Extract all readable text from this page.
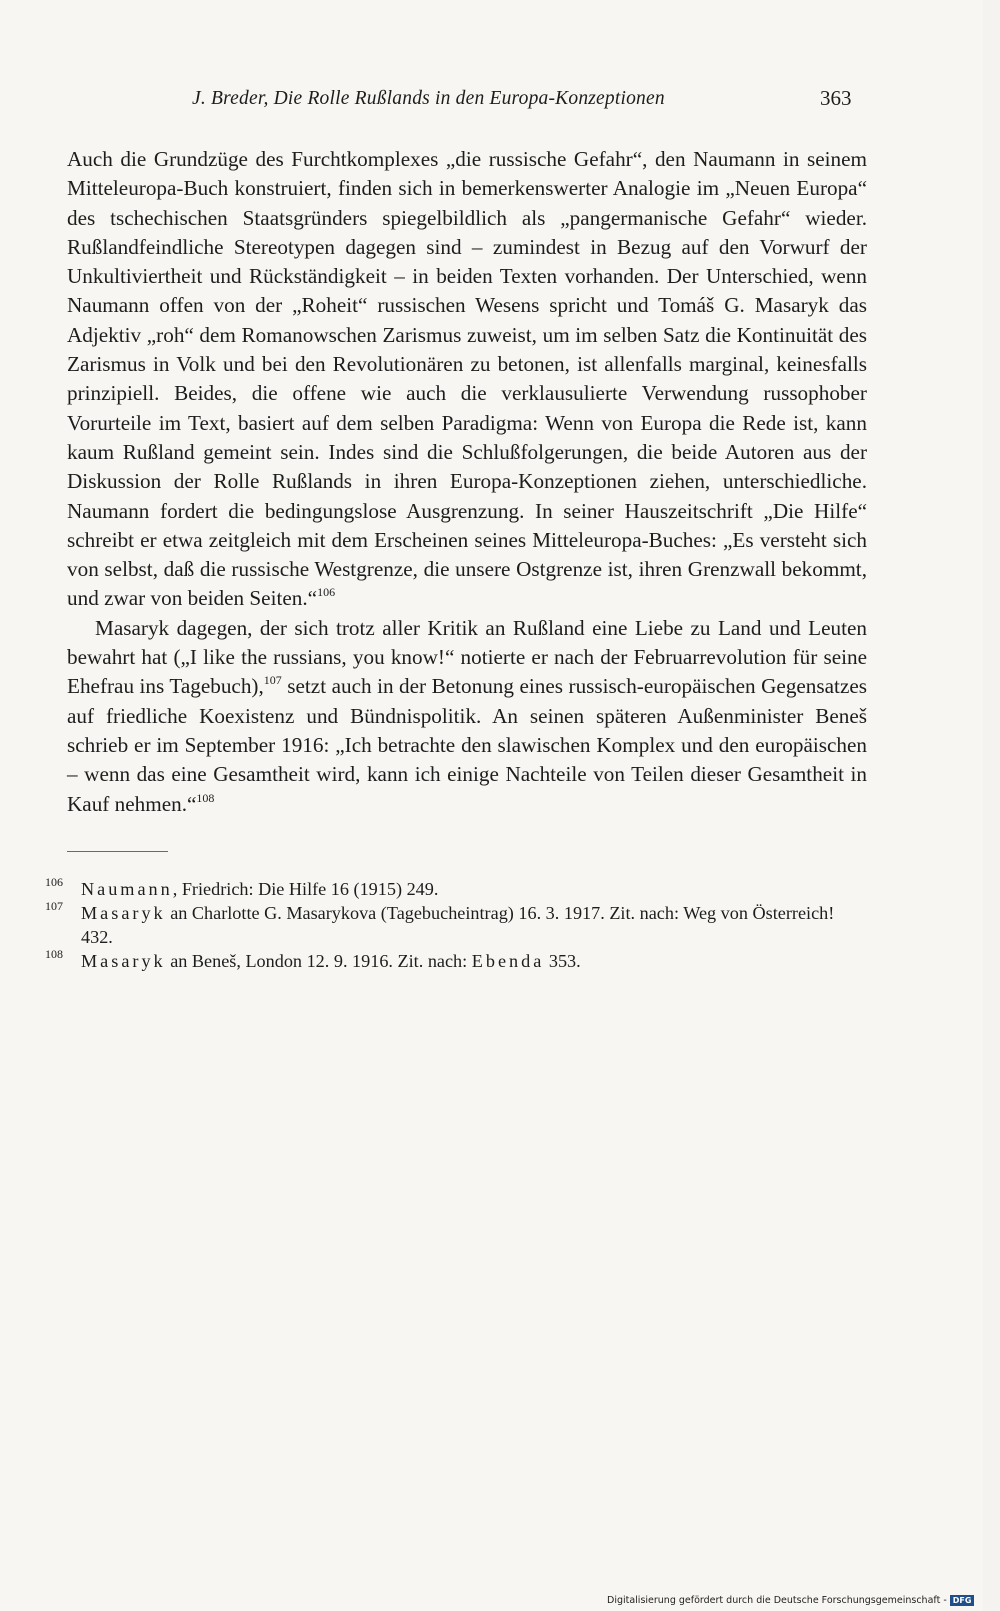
J. Breder, Die Rolle Rußlands in den Europa-Konzeptionen	363

Auch die Grundzüge des Furchtkomplexes „die russische Gefahr“, den Naumann in seinem Mitteleuropa-Buch konstruiert, finden sich in bemerkenswerter Analogie im „Neuen Europa“ des tschechischen Staatsgründers spiegelbildlich als „pangermanische Gefahr“ wieder. Rußlandfeindliche Stereotypen dagegen sind – zumindest in Bezug auf den Vorwurf der Unkultiviertheit und Rückständigkeit – in beiden Texten vorhanden. Der Unterschied, wenn Naumann offen von der „Roheit“ russischen Wesens spricht und Tomáš G. Masaryk das Adjektiv „roh“ dem Romanowschen Zarismus zuweist, um im selben Satz die Kontinuität des Zarismus in Volk und bei den Revolutionären zu betonen, ist allenfalls marginal, keinesfalls prinzipiell. Beides, die offene wie auch die verklausulierte Verwendung russophober Vorurteile im Text, basiert auf dem selben Paradigma: Wenn von Europa die Rede ist, kann kaum Rußland gemeint sein. Indes sind die Schlußfolgerungen, die beide Autoren aus der Diskussion der Rolle Rußlands in ihren Europa-Konzeptionen ziehen, unterschiedliche. Naumann fordert die bedingungslose Ausgrenzung. In seiner Hauszeitschrift „Die Hilfe“ schreibt er etwa zeitgleich mit dem Erscheinen seines Mitteleuropa-Buches: „Es versteht sich von selbst, daß die russische Westgrenze, die unsere Ostgrenze ist, ihren Grenzwall bekommt, und zwar von beiden Seiten.“$^{106}$

Masaryk dagegen, der sich trotz aller Kritik an Rußland eine Liebe zu Land und Leuten bewahrt hat („I like the russians, you know!“ notierte er nach der Februarrevolution für seine Ehefrau ins Tagebuch),$^{107}$ setzt auch in der Betonung eines russisch-europäischen Gegensatzes auf friedliche Koexistenz und Bündnispolitik. An seinen späteren Außenminister Beneš schrieb er im September 1916: „Ich betrachte den slawischen Komplex und den europäischen – wenn das eine Gesamtheit wird, kann ich einige Nachteile von Teilen dieser Gesamtheit in Kauf nehmen.“$^{108}$

106 Naumann, Friedrich: Die Hilfe 16 (1915) 249.
107 Masaryk an Charlotte G. Masarykova (Tagebucheintrag) 16. 3. 1917. Zit. nach: Weg von Österreich! 432.
108 Masaryk an Beneš, London 12. 9. 1916. Zit. nach: Ebenda 353.
Digitalisierung gefördert durch die Deutsche Forschungsgemeinschaft - DFG
